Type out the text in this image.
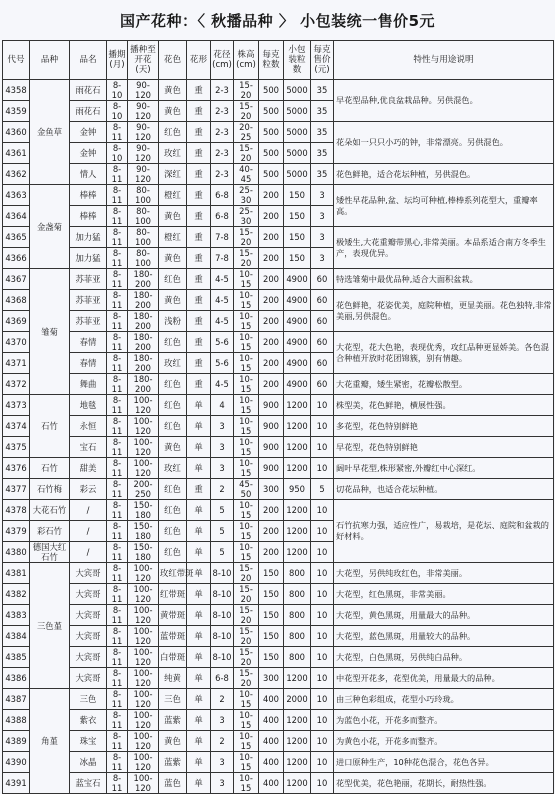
国产花种：〈 秋播品种 〉 小包装统一售价5元
代号	品种	品名	播期(月)	播种至开花(天)	花色	花形	花径(cm)	株高(cm)	每克粒数	小包装粒数	每克售价(元)	特性与用途说明
4358	金鱼草	雨花石	8-10	90-120	黄色	重	2-3	15-20	500	5000	35	早花型品种,优良盆栽品种。另供混色。
4359		雨花石	8-10	90-120	黄色	重	2-3	15-20	500	5000	35	
4360		金钟	8-11	90-120	红色	重	2-3	20-25	500	5000	35	花朵如一只只小巧的钟，非常漂亮。另供混色。
4361		金钟	8-10	90-120	玫红	重	2-3	15-20	500	5000	35	
4362		情人	8-11	90-120	深红	重	2-3	40-45	500	5000	35	花色鲜艳，适合花坛种植，另供混色。
4363	金盏菊	棒棒	8-11	80-100	橙红	重	6-8	25-30	200	150	3	矮性早花品种,盆、坛均可种植,棒棒系列花型大，重瓣率高。
4364		棒棒	8-11	80-100	黄色	重	6-8	25-30	200	150	3	
4365		加力猛	8-11	80-100	橙红	重	7-8	15-20	200	150	3	极矮生,大花重瓣带黑心,非常美丽。本品系适合南方冬季生产，表现优异。
4366		加力猛	8-11	80-100	黄色	重	7-8	15-20	200	150	3	
4367	雏菊	苏菲亚	8-11	180-200	红色	重	4-5	10-15	200	4900	60	特选雏菊中最优品种,适合大面积盆栽。
4368		苏菲亚	8-11	180-200	黄色	重	4-5	10-15	200	4900	60	花色鲜艳，花姿优美，庭院种植，更显美丽。花色独特,非常美丽,另供混色。
4369		苏菲亚	8-11	180-200	浅粉	重	4-5	10-15	200	4900	60	
4370		春情	8-11	180-200	红色	重	5-6	10-15	200	4900	60	大花型，花大色艳，表现优秀，攻红品种更显娇美。各色混合种植开放时花团锦簇，别有情趣。
4371		春情	8-11	180-200	玫红	重	5-6	10-15	200	4900	60	
4372		舞曲	8-11	180-200	红色	重	4-5	10-15	200	4900	60	大花重瓣，矮生紧密，花瓣松散型。
4373	石竹	地毯	8-11	100-120	红色	单	4	10-15	900	1200	10	株型美，花色鲜艳，横展性强。
4374		永恒	8-11	100-120	红色	单	3	10-15	900	1200	10	多花型，花色特别鲜艳
4375		宝石	8-11	100-120	黄色	单	3	10-15	900	1200	10	早花型，花色特别鲜艳
4376	石竹	甜美	8-11	100-120	玫红	单	3	10-15	900	1200	10	阔叶早花型,株形紧密,外瓣红中心深红。
4377	石竹梅	彩云	8-11	200-250	红色	重	2	45-50	300	950	5	切花品种，也适合花坛种植。
4378	大花石竹	/	8-11	150-180	红色	单	5	10-15	200	1200	10	石竹抗寒力强，适应性广，易栽培，是花坛、庭院和盆栽的好材料。
4379	彩石竹	/	8-11	150-180	红色	单	5	10-15	200	1200	10	
4380	德国大红石竹	/	8-11	150-180	红色	单	5	10-15	200	1200	10	
4381	三色堇	大宾哥	8-11	100-120	玫红带斑	单	8-10	15-20	150	800	10	大花型，另供纯玫红色，非常美丽。
4382		大宾哥	8-11	100-120	红带斑	单	8-10	15-20	150	800	10	大花型，红色黑斑，非常美丽。
4383		大宾哥	8-11	100-120	黄带斑	单	8-10	15-20	150	800	10	大花型，黄色黑斑，用量最大的品种。
4384		大宾哥	8-11	100-120	蓝带斑	单	8-10	15-20	150	800	10	大花型，蓝色黑斑，用量较大的品种。
4385		大宾哥	8-11	100-120	白带斑	单	8-10	15-20	150	800	10	大花型，白色黑斑，另供纯白品种。
4386		大宾哥	8-11	100-120	纯黄	单	6-8	15-20	300	1200	10	中花型开花多，花型优美，用量最大的品种。
4387	角堇	三色	8-11	100-120	三色	单	2	10-15	400	2000	10	由三种色彩组成，花型小巧玲珑。
4388		紫衣	8-11	100-120	蓝紫	单	3	10-15	400	1200	10	为蓝色小花，开花多而整齐。
4389		珠宝	8-11	100-120	黄色	单	2	10-15	400	1200	10	为黄色小花，开花多而整齐。
4390		冰晶	8-11	100-120	蓝紫	单	3	10-15	400	1200	10	进口原种生产，10种花色混合，花色各异。
4391		蓝宝石	8-11	100-120	蓝色	单	3	10-15	400	1200	10	花型优美，花色艳丽，花期长，耐热性强。
